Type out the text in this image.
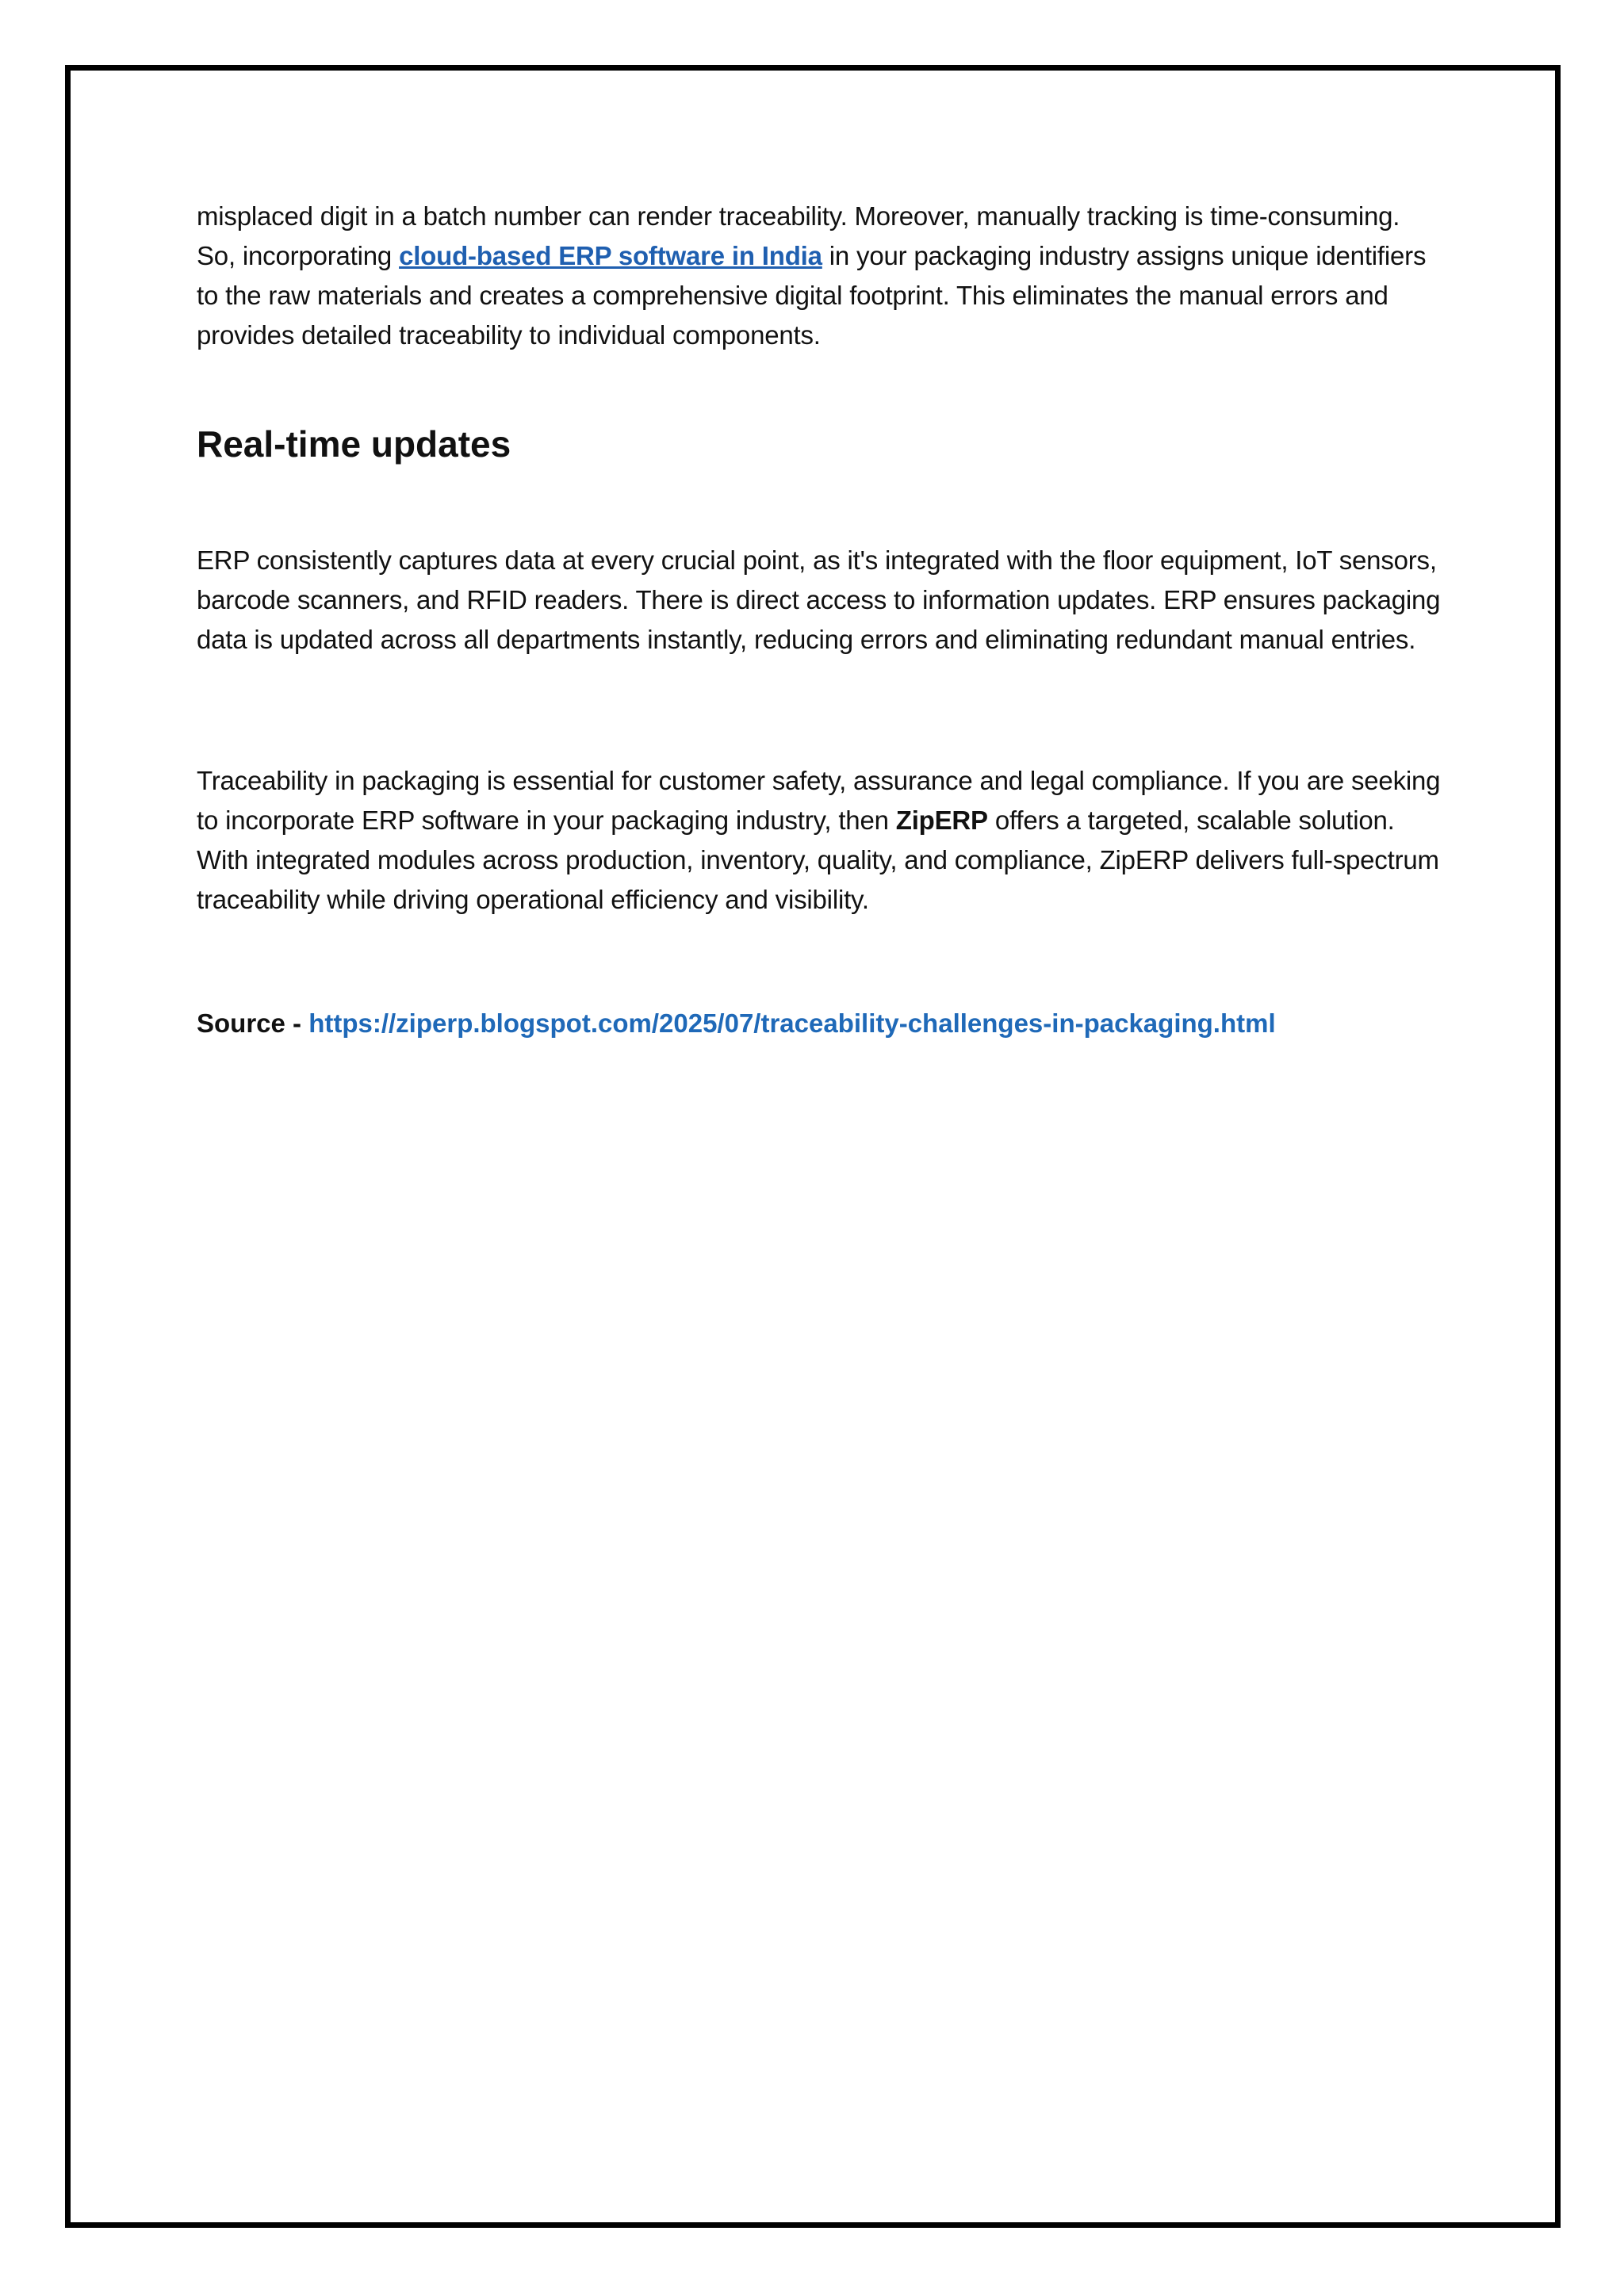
misplaced digit in a batch number can render traceability. Moreover, manually tracking is time-consuming. So, incorporating cloud-based ERP software in India in your packaging industry assigns unique identifiers to the raw materials and creates a comprehensive digital footprint. This eliminates the manual errors and provides detailed traceability to individual components.

Real-time updates

ERP consistently captures data at every crucial point, as it's integrated with the floor equipment, IoT sensors, barcode scanners, and RFID readers. There is direct access to information updates. ERP ensures packaging data is updated across all departments instantly, reducing errors and eliminating redundant manual entries.

Traceability in packaging is essential for customer safety, assurance and legal compliance. If you are seeking to incorporate ERP software in your packaging industry, then ZipERP offers a targeted, scalable solution. With integrated modules across production, inventory, quality, and compliance, ZipERP delivers full-spectrum traceability while driving operational efficiency and visibility.

Source - https://ziperp.blogspot.com/2025/07/traceability-challenges-in-packaging.html
